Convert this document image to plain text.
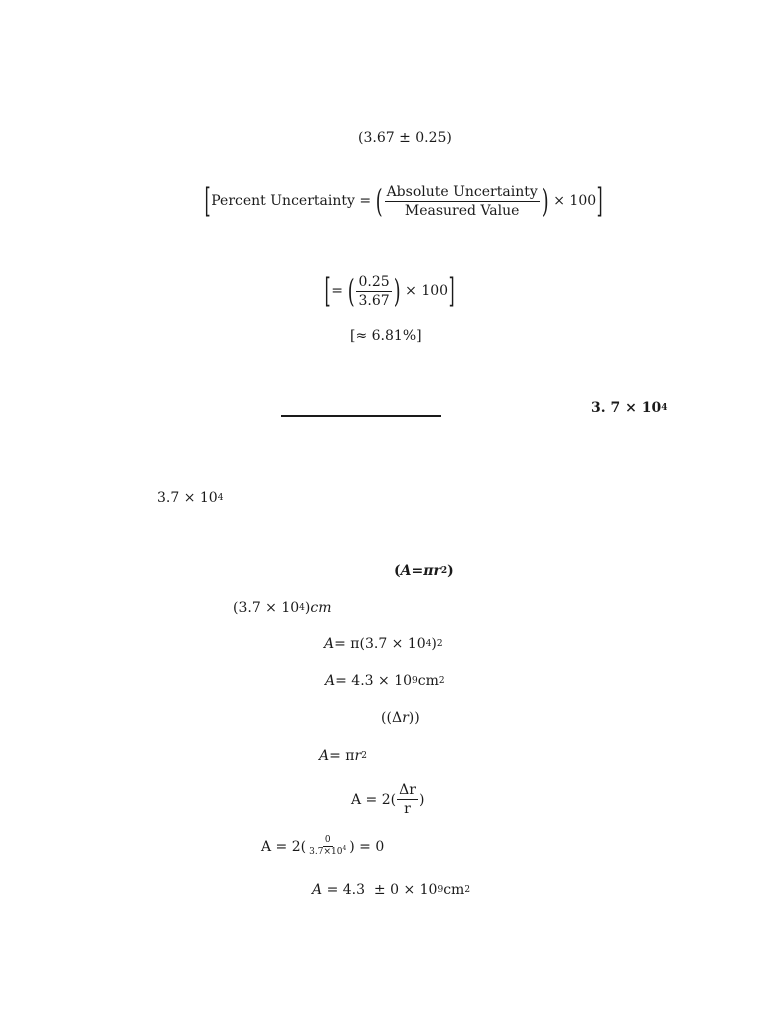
(3.67 ± 0.25)
[ Percent Uncertainty = ( $\frac{\text{Absolute Uncertainty}}{\text{Measured Value}}$ ) × 100 ]
[ = ( $\frac{0.25}{3.67}$ ) × 100 ]
[≈ 6.81%]
3. 7 × 10 4
3.7 × 10 4
( A = πr 2 )
(3.7 × 10 4 ) cm
A = π(3.7 × 10 4 ) 2
A = 4.3 × 10 9 cm 2
(( Δ r ))
A = π r 2
$A = 2( \frac{\Delta r}{r}$ )
$A = 2( \frac{0}{3.7\times 10^4}$ ) = 0
A = 4.3  ± 0 × 10 9 cm 2
